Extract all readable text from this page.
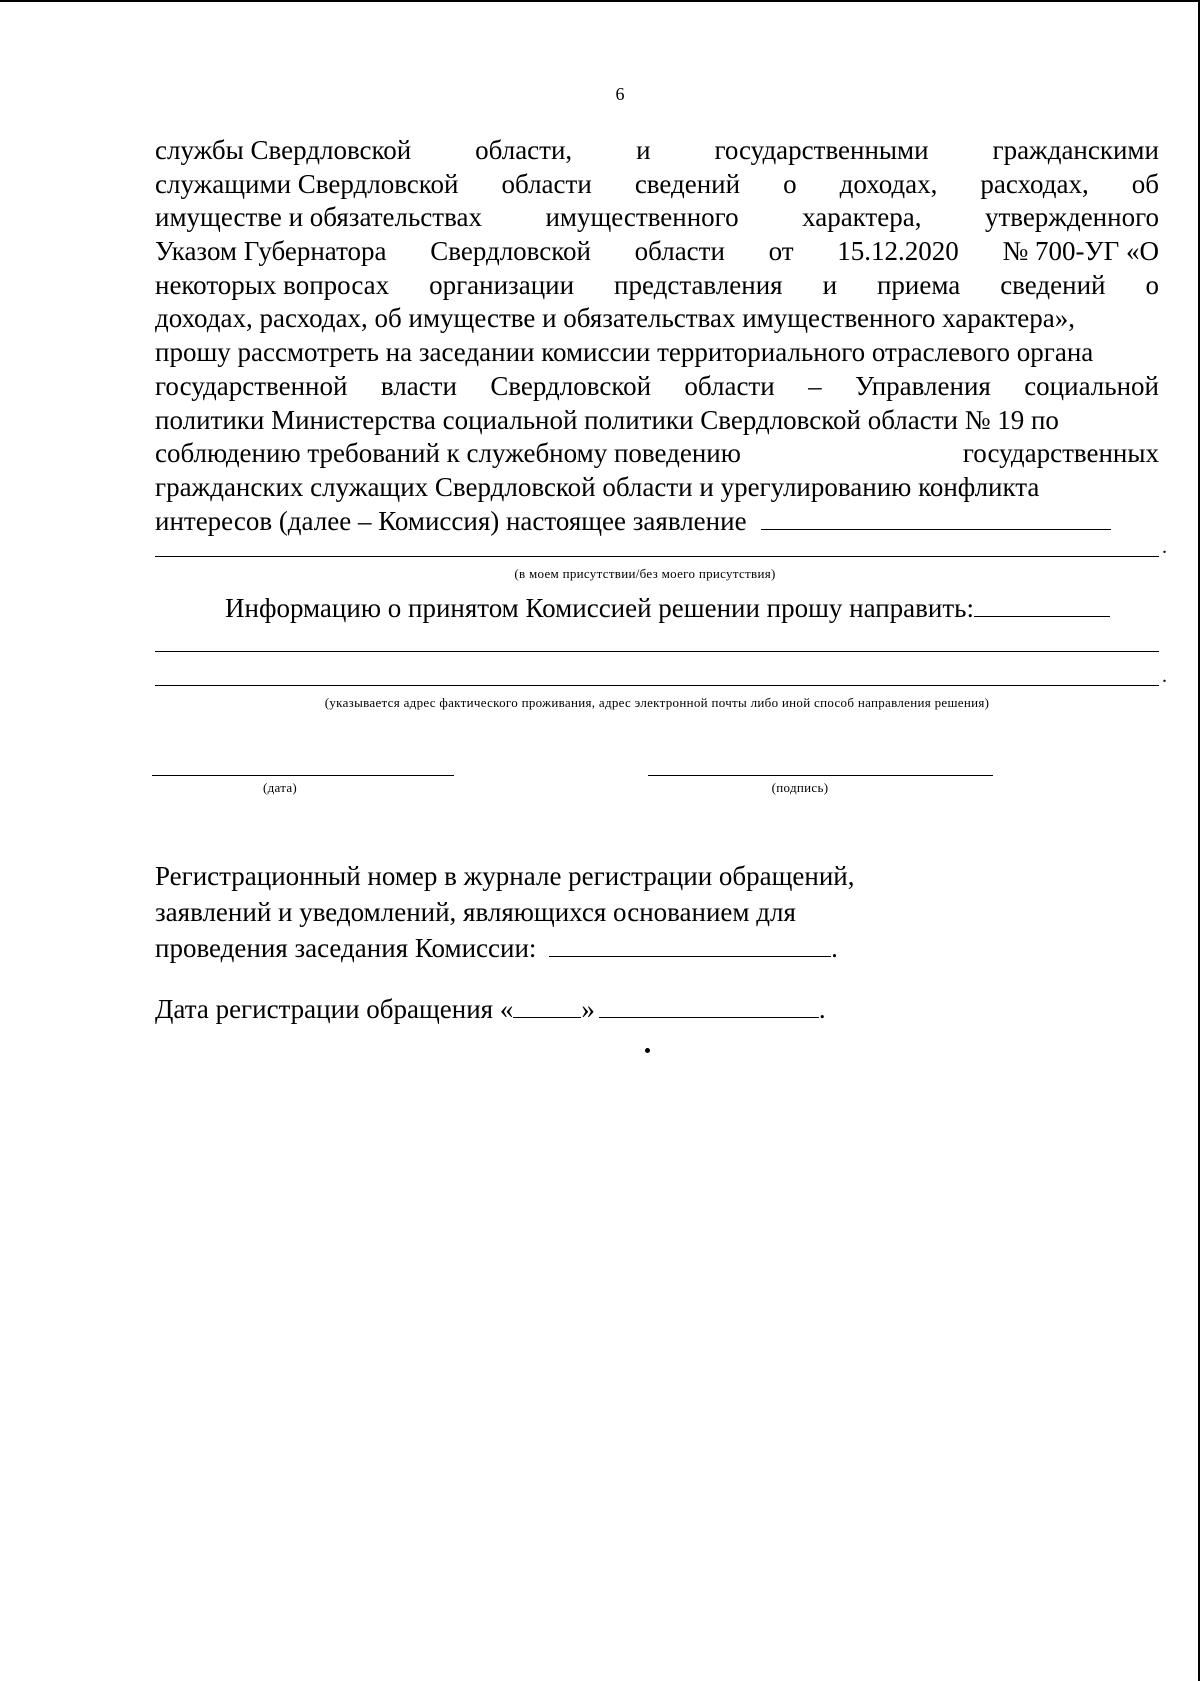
6
службы Свердловской области, и государственными гражданскими
служащими Свердловской области сведений о доходах, расходах, об
имуществе и обязательствах имущественного характера, утвержденного
Указом Губернатора Свердловской области от 15.12.2020 № 700-УГ «О
некоторых вопросах организации представления и приема сведений о
доходах, расходах, об имуществе и обязательствах имущественного характера»,
прошу рассмотреть на заседании комиссии территориального отраслевого органа
государственной власти Свердловской области – Управления социальной
политики Министерства социальной политики Свердловской области № 19 по
соблюдению требований к служебному поведению	государственных
гражданских служащих Свердловской области и урегулированию конфликта
интересов (далее – Комиссия) настоящее заявление
.
(в моем присутствии/без моего присутствия)
Информацию о принятом Комиссией решении прошу направить:
.
(указывается адрес фактического проживания, адрес электронной почты либо иной способ направления решения)
(дата)	(подпись)
Регистрационный номер в журнале регистрации обращений,
заявлений и уведомлений, являющихся основанием для
проведения заседания Комиссии:	.
Дата регистрации обращения «	»	.
